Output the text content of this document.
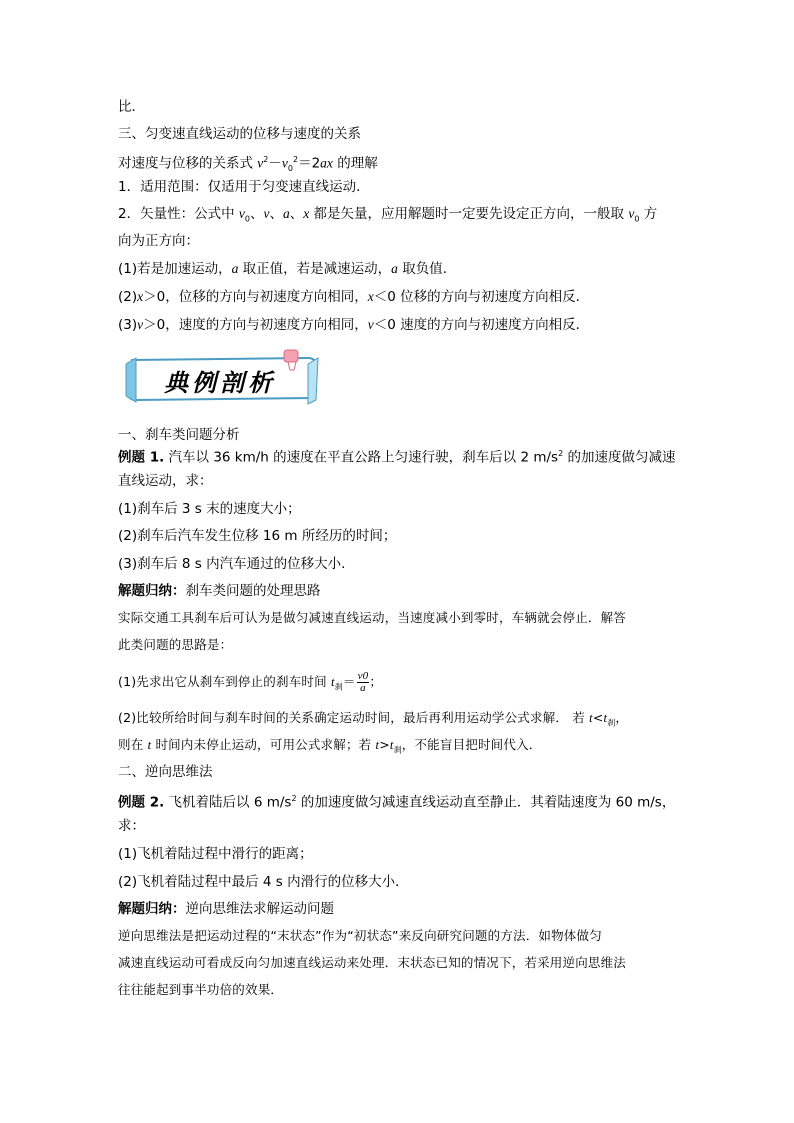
比．
三、匀变速直线运动的位移与速度的关系
对速度与位移的关系式 $v^2-v_0^2=2ax$ 的理解
1．适用范围：仅适用于匀变速直线运动．
2．矢量性：公式中 $v_0$、v、a、x 都是矢量，应用解题时一定要先设定正方向，一般取 $v_0$ 方
向为正方向：
(1)若是加速运动，a 取正值，若是减速运动，a 取负值．
(2)x＞0，位移的方向与初速度方向相同，x＜0 位移的方向与初速度方向相反．
(3)v＞0，速度的方向与初速度方向相同，v＜0 速度的方向与初速度方向相反．
典例剖析
一、刹车类问题分析
例题 1. 汽车以 36 km/h 的速度在平直公路上匀速行驶，刹车后以 2 $m/s^2$ 的加速度做匀减速
直线运动，求：
(1)刹车后 3 s 末的速度大小；
(2)刹车后汽车发生位移 16 m 所经历的时间；
(3)刹车后 8 s 内汽车通过的位移大小．
解题归纳：刹车类问题的处理思路
实际交通工具刹车后可认为是做匀减速直线运动，当速度减小到零时，车辆就会停止．解答
此类问题的思路是：
(1)先求出它从刹车到停止的刹车时间 $t_刹= \frac{v0}{a}$ ；
(2)比较所给时间与刹车时间的关系确定运动时间，最后再利用运动学公式求解． 若 $t<t_刹$，
则在 t 时间内未停止运动，可用公式求解；若 $t>t_刹$，不能盲目把时间代入．
二、逆向思维法
例题 2. 飞机着陆后以 6 $m/s^2$ 的加速度做匀减速直线运动直至静止．其着陆速度为 60 m/s，
求：
(1)飞机着陆过程中滑行的距离；
(2)飞机着陆过程中最后 4 s 内滑行的位移大小．
解题归纳：逆向思维法求解运动问题
逆向思维法是把运动过程的“末状态”作为“初状态”来反向研究问题的方法．如物体做匀
减速直线运动可看成反向匀加速直线运动来处理．末状态已知的情况下，若采用逆向思维法
往往能起到事半功倍的效果．
